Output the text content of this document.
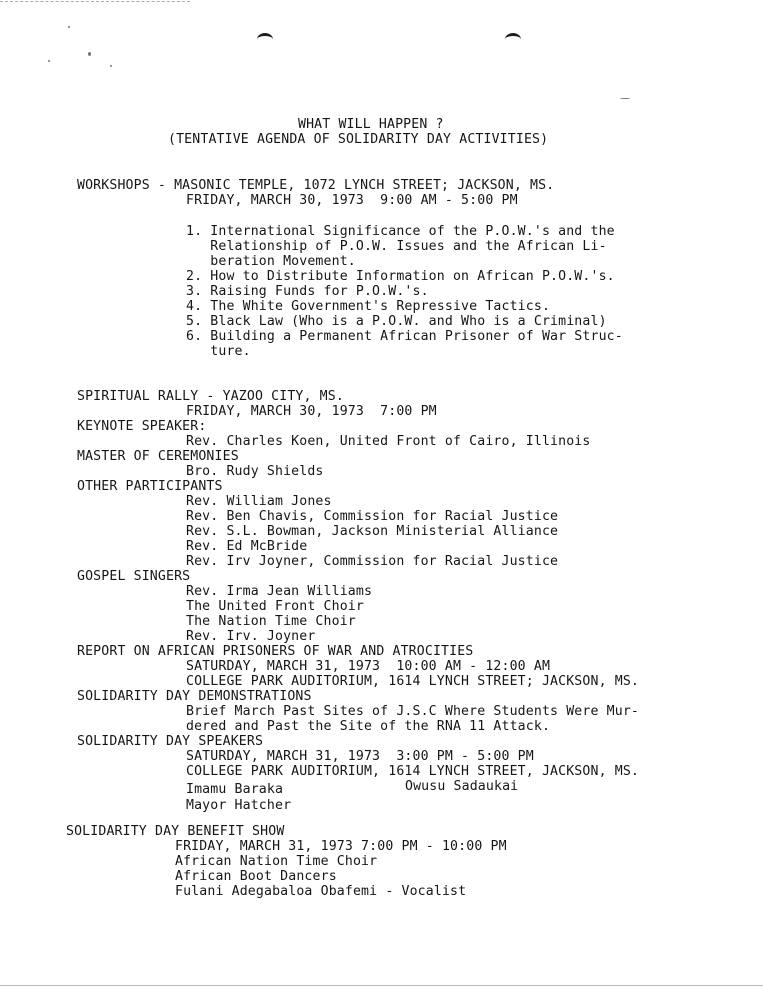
WHAT WILL HAPPEN ?
(TENTATIVE AGENDA OF SOLIDARITY DAY ACTIVITIES)
WORKSHOPS - MASONIC TEMPLE, 1072 LYNCH STREET; JACKSON, MS.
FRIDAY, MARCH 30, 1973  9:00 AM - 5:00 PM
1. International Significance of the P.O.W.'s and the
Relationship of P.O.W. Issues and the African Li-
beration Movement.
2. How to Distribute Information on African P.O.W.'s.
3. Raising Funds for P.O.W.'s.
4. The White Government's Repressive Tactics.
5. Black Law (Who is a P.O.W. and Who is a Criminal)
6. Building a Permanent African Prisoner of War Struc-
ture.
SPIRITUAL RALLY - YAZOO CITY, MS.
FRIDAY, MARCH 30, 1973  7:00 PM
KEYNOTE SPEAKER:
Rev. Charles Koen, United Front of Cairo, Illinois
MASTER OF CEREMONIES
Bro. Rudy Shields
OTHER PARTICIPANTS
Rev. William Jones
Rev. Ben Chavis, Commission for Racial Justice
Rev. S.L. Bowman, Jackson Ministerial Alliance
Rev. Ed McBride
Rev. Irv Joyner, Commission for Racial Justice
GOSPEL SINGERS
Rev. Irma Jean Williams
The United Front Choir
The Nation Time Choir
Rev. Irv. Joyner
REPORT ON AFRICAN PRISONERS OF WAR AND ATROCITIES
SATURDAY, MARCH 31, 1973  10:00 AM - 12:00 AM
COLLEGE PARK AUDITORIUM, 1614 LYNCH STREET; JACKSON, MS.
SOLIDARITY DAY DEMONSTRATIONS
Brief March Past Sites of J.S.C Where Students Were Mur-
dered and Past the Site of the RNA 11 Attack.
SOLIDARITY DAY SPEAKERS
SATURDAY, MARCH 31, 1973  3:00 PM - 5:00 PM
COLLEGE PARK AUDITORIUM, 1614 LYNCH STREET, JACKSON, MS.
Imamu Baraka	Owusu Sadaukai
Mayor Hatcher
SOLIDARITY DAY BENEFIT SHOW
FRIDAY, MARCH 31, 1973 7:00 PM - 10:00 PM
African Nation Time Choir
African Boot Dancers
Fulani Adegabaloa Obafemi - Vocalist
